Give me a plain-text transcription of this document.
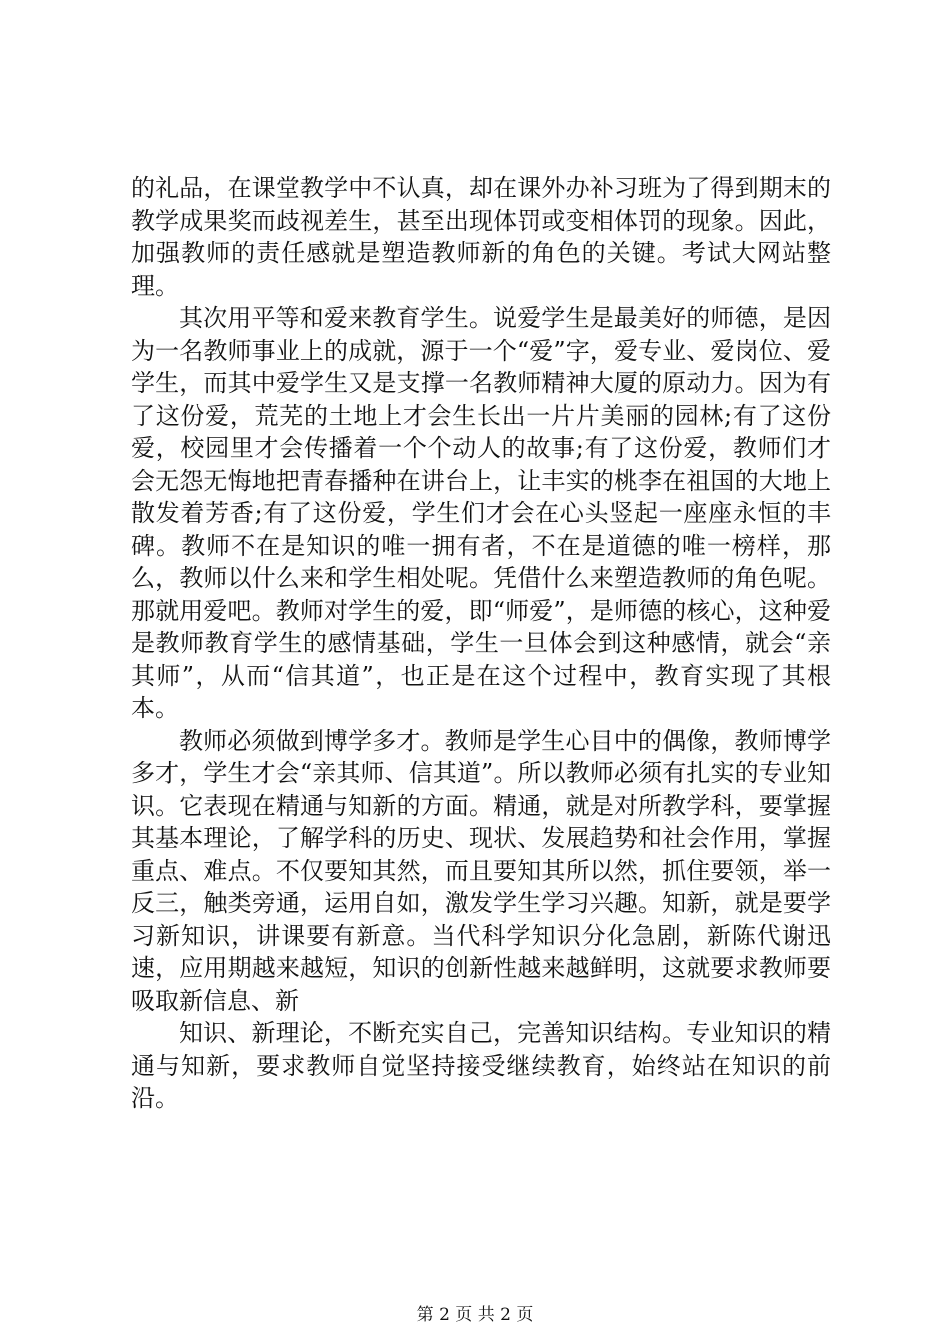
的礼品，在课堂教学中不认真，却在课外办补习班为了得到期末的教学成果奖而歧视差生，甚至出现体罚或变相体罚的现象。因此，加强教师的责任感就是塑造教师新的角色的关键。考试大网站整理。

其次用平等和爱来教育学生。说爱学生是最美好的师德，是因为一名教师事业上的成就，源于一个“爱”字，爱专业、爱岗位、爱学生，而其中爱学生又是支撑一名教师精神大厦的原动力。因为有了这份爱，荒芜的土地上才会生长出一片片美丽的园林;有了这份爱，校园里才会传播着一个个动人的故事;有了这份爱，教师们才会无怨无悔地把青春播种在讲台上，让丰实的桃李在祖国的大地上散发着芳香;有了这份爱，学生们才会在心头竖起一座座永恒的丰碑。教师不在是知识的唯一拥有者，不在是道德的唯一榜样，那么，教师以什么来和学生相处呢。凭借什么来塑造教师的角色呢。那就用爱吧。教师对学生的爱，即“师爱”，是师德的核心，这种爱是教师教育学生的感情基础，学生一旦体会到这种感情，就会“亲其师”，从而“信其道”，也正是在这个过程中，教育实现了其根本。

教师必须做到博学多才。教师是学生心目中的偶像，教师博学多才，学生才会“亲其师、信其道”。所以教师必须有扎实的专业知识。它表现在精通与知新的方面。精通，就是对所教学科，要掌握其基本理论，了解学科的历史、现状、发展趋势和社会作用，掌握重点、难点。不仅要知其然，而且要知其所以然，抓住要领，举一反三，触类旁通，运用自如，激发学生学习兴趣。知新，就是要学习新知识，讲课要有新意。当代科学知识分化急剧，新陈代谢迅速，应用期越来越短，知识的创新性越来越鲜明，这就要求教师要吸取新信息、新

知识、新理论，不断充实自己，完善知识结构。专业知识的精通与知新，要求教师自觉坚持接受继续教育，始终站在知识的前沿。

第 2 页 共 2 页
